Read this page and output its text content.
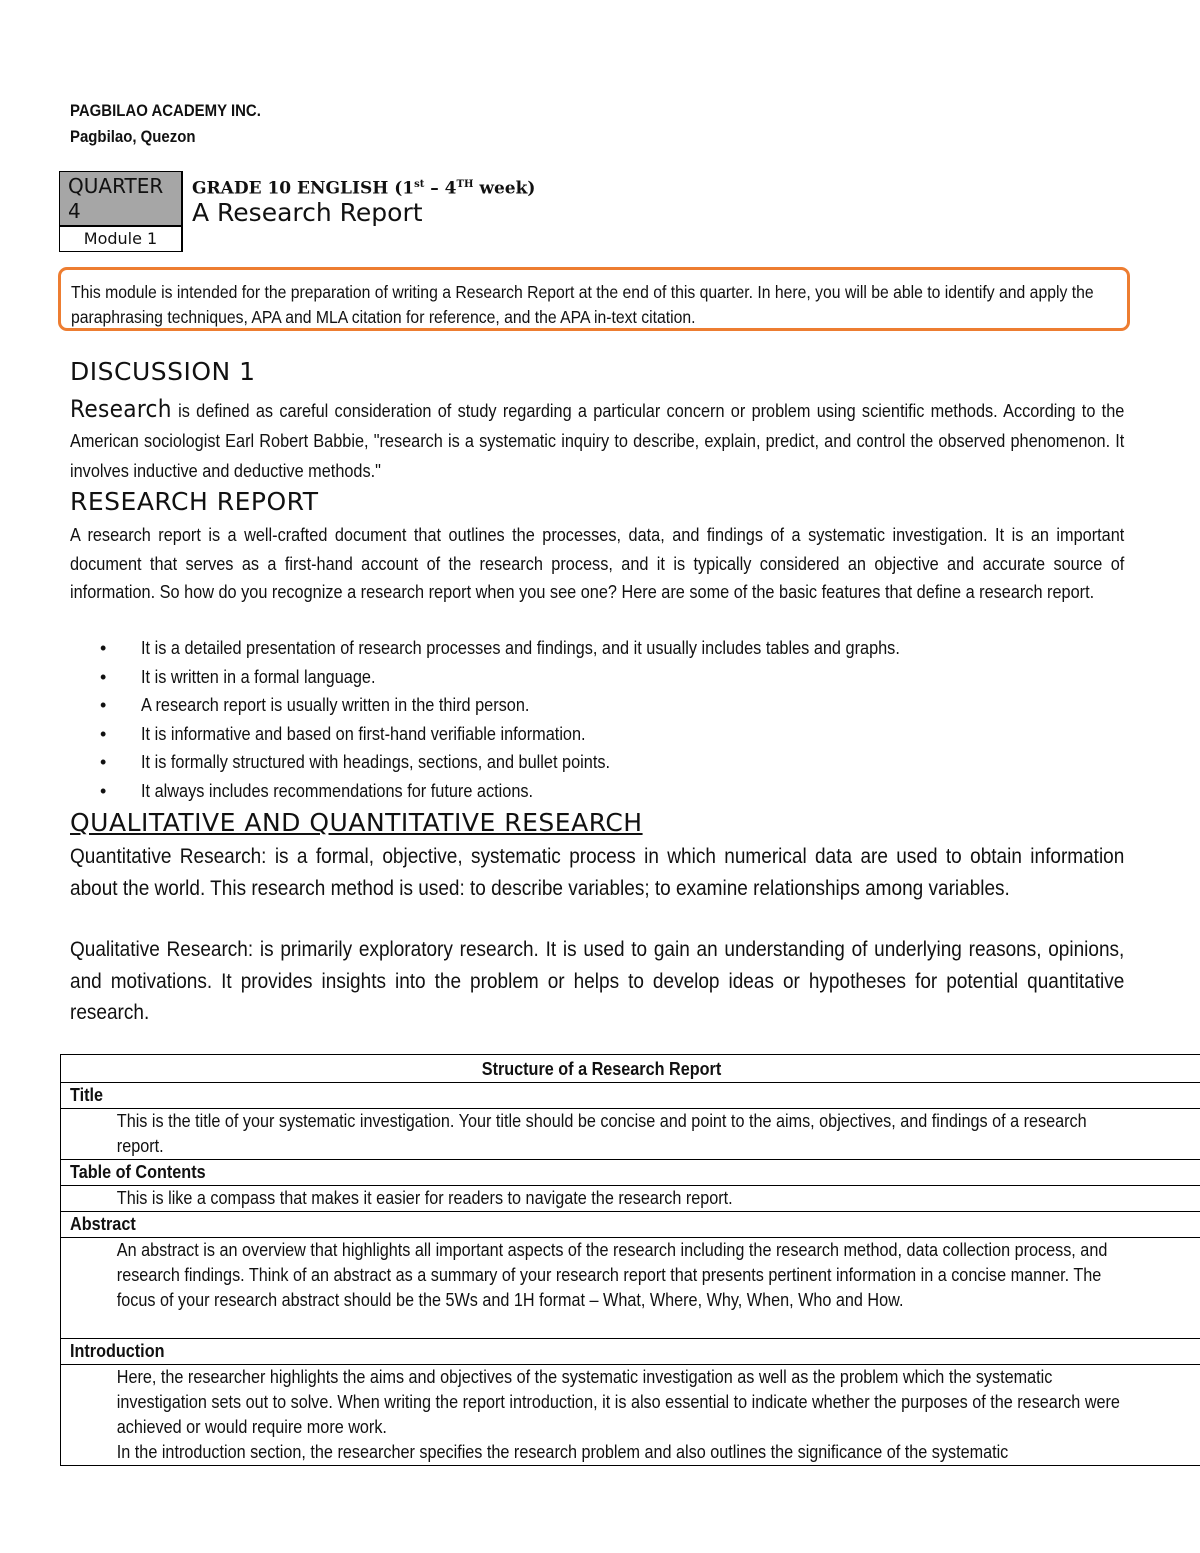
PAGBILAO ACADEMY INC.
Pagbilao, Quezon
QUARTER 4
Module 1
GRADE 10 ENGLISH (1st – 4TH week)
A Research Report

This module is intended for the preparation of writing a Research Report at the end of this quarter. In here, you will be able to identify and apply the paraphrasing techniques, APA and MLA citation for reference, and the APA in-text citation.

DISCUSSION 1
Research is defined as careful consideration of study regarding a particular concern or problem using scientific methods. According to the American sociologist Earl Robert Babbie, "research is a systematic inquiry to describe, explain, predict, and control the observed phenomenon. It involves inductive and deductive methods."
RESEARCH REPORT
A research report is a well-crafted document that outlines the processes, data, and findings of a systematic investigation. It is an important document that serves as a first-hand account of the research process, and it is typically considered an objective and accurate source of information. So how do you recognize a research report when you see one? Here are some of the basic features that define a research report.
• It is a detailed presentation of research processes and findings, and it usually includes tables and graphs.
• It is written in a formal language.
• A research report is usually written in the third person.
• It is informative and based on first-hand verifiable information.
• It is formally structured with headings, sections, and bullet points.
• It always includes recommendations for future actions.
QUALITATIVE AND QUANTITATIVE RESEARCH
Quantitative Research: is a formal, objective, systematic process in which numerical data are used to obtain information about the world. This research method is used: to describe variables; to examine relationships among variables.
Qualitative Research: is primarily exploratory research. It is used to gain an understanding of underlying reasons, opinions, and motivations. It provides insights into the problem or helps to develop ideas or hypotheses for potential quantitative research.
Structure of a Research Report

Title

This is the title of your systematic investigation. Your title should be concise and point to the aims, objectives, and findings of a research report.

Table of Contents

This is like a compass that makes it easier for readers to navigate the research report.

Abstract

An abstract is an overview that highlights all important aspects of the research including the research method, data collection process, and research findings. Think of an abstract as a summary of your research report that presents pertinent information in a concise manner. The focus of your research abstract should be the 5Ws and 1H format – What, Where, Why, When, Who and How.

Introduction

Here, the researcher highlights the aims and objectives of the systematic investigation as well as the problem which the systematic investigation sets out to solve. When writing the report introduction, it is also essential to indicate whether the purposes of the research were achieved or would require more work.
In the introduction section, the researcher specifies the research problem and also outlines the significance of the systematic
